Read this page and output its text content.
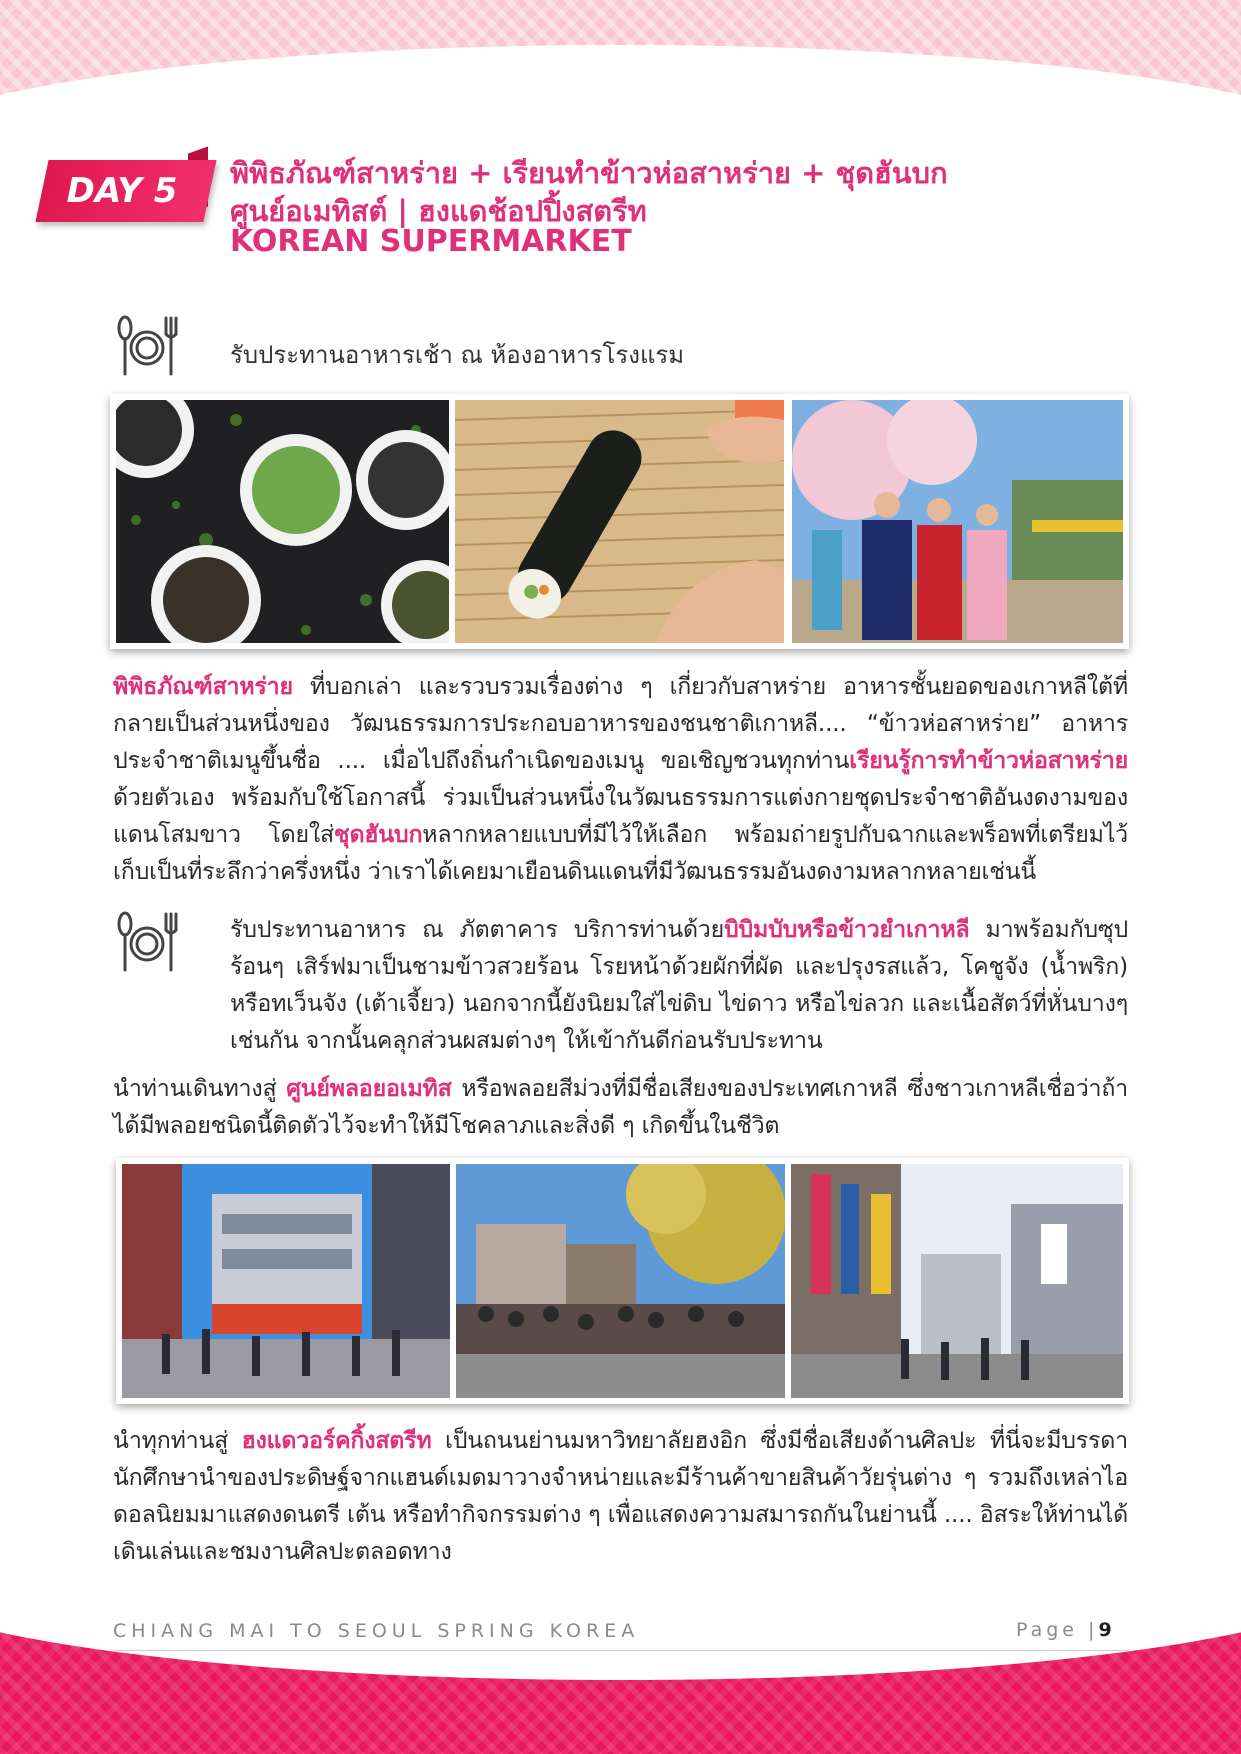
DAY 5	พิพิธภัณฑ์สาหร่าย + เรียนทำข้าวห่อสาหร่าย + ชุดฮันบก
ศูนย์อเมทิสต์ | ฮงแดช้อปปิ้งสตรีท
KOREAN SUPERMARKET
รับประทานอาหารเช้า ณ ห้องอาหารโรงแรม
พิพิธภัณฑ์สาหร่าย ที่บอกเล่า และรวบรวมเรื่องต่าง ๆ เกี่ยวกับสาหร่าย อาหารชั้นยอดของเกาหลีใต้ที่กลายเป็นส่วนหนึ่งของ วัฒนธรรมการประกอบอาหารของชนชาติเกาหลี.... “ข้าวห่อสาหร่าย” อาหารประจำชาติเมนูขึ้นชื่อ .... เมื่อไปถึงถิ่นกำเนิดของเมนู ขอเชิญชวนทุกท่านเรียนรู้การทำข้าวห่อสาหร่ายด้วยตัวเอง พร้อมกับใช้โอกาสนี้ ร่วมเป็นส่วนหนึ่งในวัฒนธรรมการแต่งกายชุดประจำชาติอันงดงามของแดนโสมขาว โดยใส่ชุดฮันบกหลากหลายแบบที่มีไว้ให้เลือก พร้อมถ่ายรูปกับฉากและพร็อพที่เตรียมไว้ เก็บเป็นที่ระลึกว่าครึ่งหนึ่ง ว่าเราได้เคยมาเยือนดินแดนที่มีวัฒนธรรมอันงดงามหลากหลายเช่นนี้
รับประทานอาหาร ณ ภัตตาคาร บริการท่านด้วยบิบิมบับหรือข้าวยำเกาหลี มาพร้อมกับซุปร้อนๆ เสิร์ฟมาเป็นชามข้าวสวยร้อน โรยหน้าด้วยผักที่ผัด และปรุงรสแล้ว, โคชูจัง (น้ำพริก) หรือทเว็นจัง (เต้าเจี้ยว) นอกจากนี้ยังนิยมใส่ไข่ดิบ ไข่ดาว หรือไข่ลวก และเนื้อสัตว์ที่หั่นบางๆ เช่นกัน จากนั้นคลุกส่วนผสมต่างๆ ให้เข้ากันดีก่อนรับประทาน
นำท่านเดินทางสู่ ศูนย์พลอยอเมทิส หรือพลอยสีม่วงที่มีชื่อเสียงของประเทศเกาหลี ซึ่งชาวเกาหลีเชื่อว่าถ้าได้มีพลอยชนิดนี้ติดตัวไว้จะทำให้มีโชคลาภและสิ่งดี ๆ เกิดขึ้นในชีวิต
นำทุกท่านสู่ ฮงแดวอร์คกิ้งสตรีท เป็นถนนย่านมหาวิทยาลัยฮงอิก ซึ่งมีชื่อเสียงด้านศิลปะ ที่นี่จะมีบรรดานักศึกษานำของประดิษฐ์จากแฮนด์เมดมาวางจำหน่ายและมีร้านค้าขายสินค้าวัยรุ่นต่าง ๆ รวมถึงเหล่าไอดอลนิยมมาแสดงดนตรี เต้น หรือทำกิจกรรมต่าง ๆ เพื่อแสดงความสมารถกันในย่านนี้ .... อิสระให้ท่านได้เดินเล่นและชมงานศิลปะตลอดทาง
CHIANG MAI TO SEOUL SPRING KOREA	Page |9
